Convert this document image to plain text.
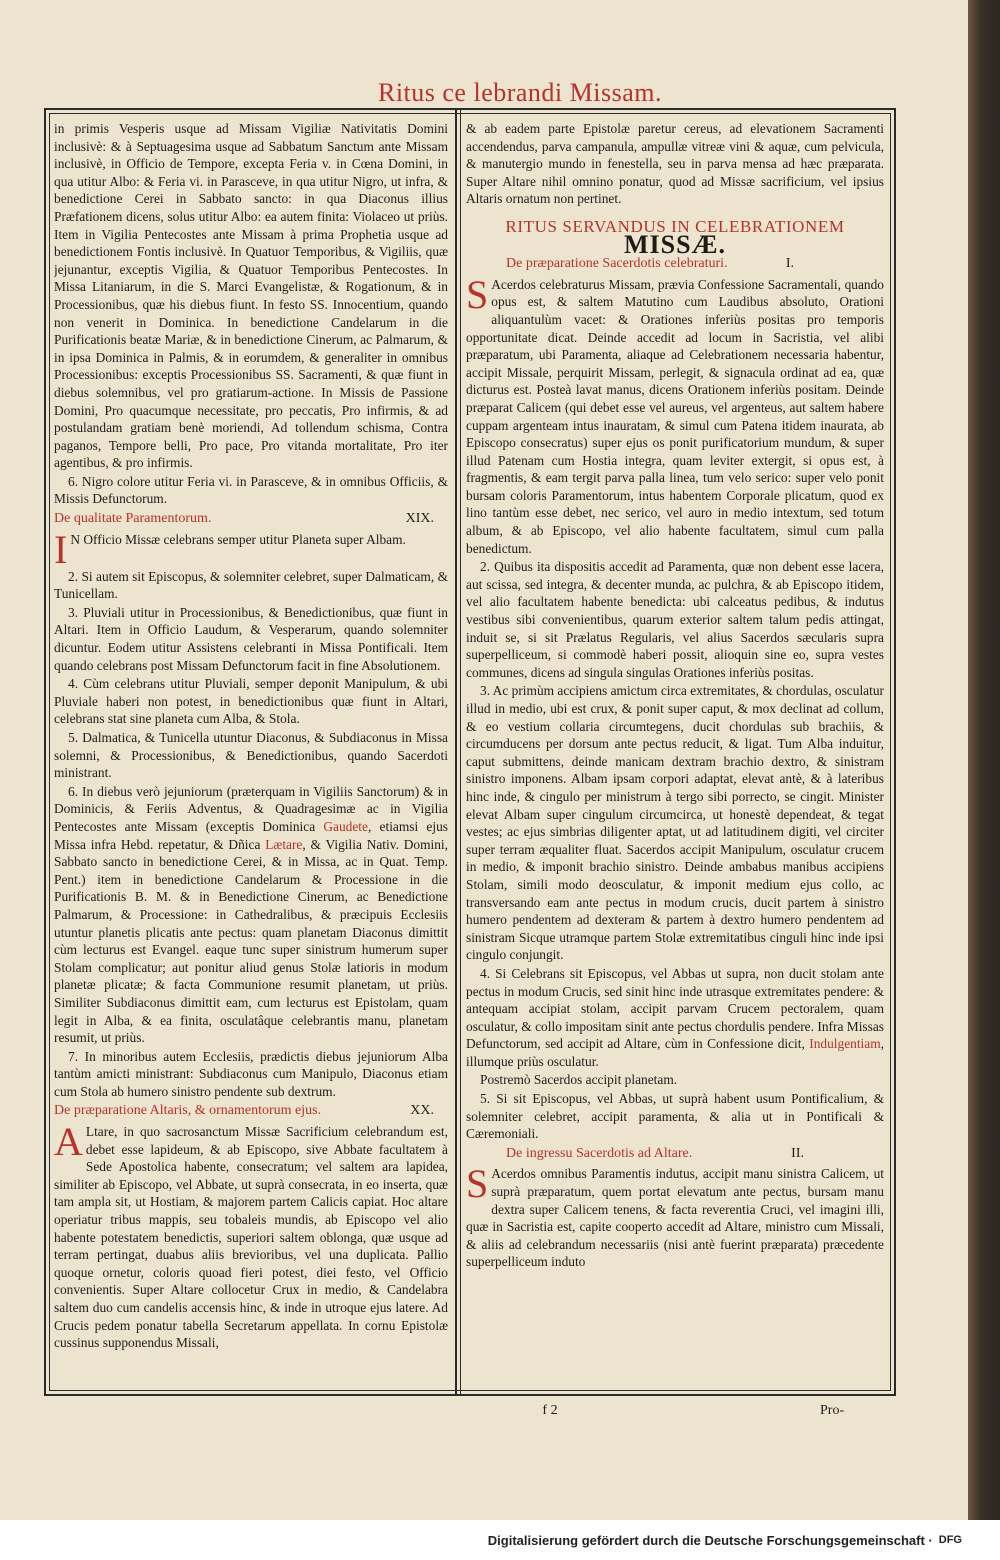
Ritus ce lebrandi Missam.

in primis Vesperis usque ad Missam Vigiliæ Nativitatis Domini inclusivè: & à Septuagesima usque ad Sabbatum Sanctum ante Missam inclusivè, in Officio de Tempore, excepta Feria v. in Cœna Domini, in qua utitur Albo: & Feria vi. in Parasceve, in qua utitur Nigro, ut infra, & benedictione Cerei in Sabbato sancto: in qua Diaconus illius Præfationem dicens, solus utitur Albo: ea autem finita: Violaceo ut priùs. Item in Vigilia Pentecostes ante Missam à prima Prophetia usque ad benedictionem Fontis inclusivè. In Quatuor Temporibus, & Vigiliis, quæ jejunantur, exceptis Vigilia, & Quatuor Temporibus Pentecostes. In Missa Litaniarum, in die S. Marci Evangelistæ, & Rogationum, & in Processionibus, quæ his diebus fiunt. In festo SS. Innocentium, quando non venerit in Dominica. In benedictione Candelarum in die Purificationis beatæ Mariæ, & in benedictione Cinerum, ac Palmarum, & in ipsa Dominica in Palmis, & in eorumdem, & generaliter in omnibus Processionibus: exceptis Processionibus SS. Sacramenti, & quæ fiunt in diebus solemnibus, vel pro gratiarum-actione. In Missis de Passione Domini, Pro quacumque necessitate, pro peccatis, Pro infirmis, & ad postulandam gratiam benè moriendi, Ad tollendum schisma, Contra paganos, Tempore belli, Pro pace, Pro vitanda mortalitate, Pro iter agentibus, & pro infirmis.

6. Nigro colore utitur Feria vi. in Parasceve, & in omnibus Officiis, & Missis Defunctorum.

De qualitate Paramentorum.	XIX.

I N Officio Missæ celebrans semper utitur Planeta super Albam.

2. Si autem sit Episcopus, & solemniter celebret, super Dalmaticam, & Tunicellam.

3. Pluviali utitur in Processionibus, & Benedictionibus, quæ fiunt in Altari. Item in Officio Laudum, & Vesperarum, quando solemniter dicuntur. Eodem utitur Assistens celebranti in Missa Pontificali. Item quando celebrans post Missam Defunctorum facit in fine Absolutionem.

4. Cùm celebrans utitur Pluviali, semper deponit Manipulum, & ubi Pluviale haberi non potest, in benedictionibus quæ fiunt in Altari, celebrans stat sine planeta cum Alba, & Stola.

5. Dalmatica, & Tunicella utuntur Diaconus, & Subdiaconus in Missa solemni, & Processionibus, & Benedictionibus, quando Sacerdoti ministrant.

6. In diebus verò jejuniorum (præterquam in Vigiliis Sanctorum) & in Dominicis, & Feriis Adventus, & Quadragesimæ ac in Vigilia Pentecostes ante Missam (exceptis Dominica Gaudete, etiamsi ejus Missa infra Hebd. repetatur, & Dñica Lætare, & Vigilia Nativ. Domini, Sabbato sancto in benedictione Cerei, & in Missa, ac in Quat. Temp. Pent.) item in benedictione Candelarum & Processione in die Purificationis B. M. & in Benedictione Cinerum, ac Benedictione Palmarum, & Processione: in Cathedralibus, & præcipuis Ecclesiis utuntur planetis plicatis ante pectus: quam planetam Diaconus dimittit cùm lecturus est Evangel. eaque tunc super sinistrum humerum super Stolam complicatur; aut ponitur aliud genus Stolæ latioris in modum planetæ plicatæ; & facta Communione resumit planetam, ut priùs. Similiter Subdiaconus dimittit eam, cum lecturus est Epistolam, quam legit in Alba, & ea finita, osculatâque celebrantis manu, planetam resumit, ut priùs.

7. In minoribus autem Ecclesiis, prædictis diebus jejuniorum Alba tantùm amicti ministrant: Subdiaconus cum Manipulo, Diaconus etiam cum Stola ab humero sinistro pendente sub dextrum.

De præparatione Altaris, & ornamentorum ejus.	XX.

A Ltare, in quo sacrosanctum Missæ Sacrificium celebrandum est, debet esse lapideum, & ab Episcopo, sive Abbate facultatem à Sede Apostolica habente, consecratum; vel saltem ara lapidea, similiter ab Episcopo, vel Abbate, ut suprà consecrata, in eo inserta, quæ tam ampla sit, ut Hostiam, & majorem partem Calicis capiat. Hoc altare operiatur tribus mappis, seu tobaleis mundis, ab Episcopo vel alio habente potestatem benedictis, superiori saltem oblonga, quæ usque ad terram pertingat, duabus aliis brevioribus, vel una duplicata. Pallio quoque ornetur, coloris quoad fieri potest, diei festo, vel Officio convenientis. Super Altare collocetur Crux in medio, & Candelabra saltem duo cum candelis accensis hinc, & inde in utroque ejus latere. Ad Crucis pedem ponatur tabella Secretarum appellata. In cornu Epistolæ cussinus supponendus Missali,

& ab eadem parte Epistolæ paretur cereus, ad elevationem Sacramenti accendendus, parva campanula, ampullæ vitreæ vini & aquæ, cum pelvicula, & manutergio mundo in fenestella, seu in parva mensa ad hæc præparata. Super Altare nihil omnino ponatur, quod ad Missæ sacrificium, vel ipsius Altaris ornatum non pertinet.

RITUS SERVANDUS IN CELEBRATIONEM
MISSÆ.
De præparatione Sacerdotis celebraturi.	I.

S Acerdos celebraturus Missam, prævia Confessione Sacramentali, quando opus est, & saltem Matutino cum Laudibus absoluto, Orationi aliquantulùm vacet: & Orationes inferiùs positas pro temporis opportunitate dicat. Deinde accedit ad locum in Sacristia, vel alibi præparatum, ubi Paramenta, aliaque ad Celebrationem necessaria habentur, accipit Missale, perquirit Missam, perlegit, & signacula ordinat ad ea, quæ dicturus est. Posteà lavat manus, dicens Orationem inferiùs positam. Deinde præparat Calicem (qui debet esse vel aureus, vel argenteus, aut saltem habere cuppam argenteam intus inauratam, & simul cum Patena itidem inaurata, ab Episcopo consecratus) super ejus os ponit purificatorium mundum, & super illud Patenam cum Hostia integra, quam leviter extergit, si opus est, à fragmentis, & eam tergit parva palla linea, tum velo serico: super velo ponit bursam coloris Paramentorum, intus habentem Corporale plicatum, quod ex lino tantùm esse debet, nec serico, vel auro in medio intextum, sed totum album, & ab Episcopo, vel alio habente facultatem, simul cum palla benedictum.

2. Quibus ita dispositis accedit ad Paramenta, quæ non debent esse lacera, aut scissa, sed integra, & decenter munda, ac pulchra, & ab Episcopo itidem, vel alio facultatem habente benedicta: ubi calceatus pedibus, & indutus vestibus sibi convenientibus, quarum exterior saltem talum pedis attingat, induit se, si sit Prælatus Regularis, vel alius Sacerdos sæcularis supra superpelliceum, si commodè haberi possit, alioquin sine eo, supra vestes communes, dicens ad singula singulas Orationes inferiùs positas.

3. Ac primùm accipiens amictum circa extremitates, & chordulas, osculatur illud in medio, ubi est crux, & ponit super caput, & mox declinat ad collum, & eo vestium collaria circumtegens, ducit chordulas sub brachiis, & circumducens per dorsum ante pectus reducit, & ligat. Tum Alba induitur, caput submittens, deinde manicam dextram brachio dextro, & sinistram sinistro imponens. Albam ipsam corpori adaptat, elevat antè, & à lateribus hinc inde, & cingulo per ministrum à tergo sibi porrecto, se cingit. Minister elevat Albam super cingulum circumcirca, ut honestè dependeat, & tegat vestes; ac ejus simbrias diligenter aptat, ut ad latitudinem digiti, vel circiter super terram æqualiter fluat. Sacerdos accipit Manipulum, osculatur crucem in medio, & imponit brachio sinistro. Deinde ambabus manibus accipiens Stolam, simili modo deosculatur, & imponit medium ejus collo, ac transversando eam ante pectus in modum crucis, ducit partem à sinistro humero pendentem ad dexteram & partem à dextro humero pendentem ad sinistram Sicque utramque partem Stolæ extremitatibus cinguli hinc inde ipsi cingulo conjungit.

4. Si Celebrans sit Episcopus, vel Abbas ut supra, non ducit stolam ante pectus in modum Crucis, sed sinit hinc inde utrasque extremitates pendere: & antequam accipiat stolam, accipit parvam Crucem pectoralem, quam osculatur, & collo impositam sinit ante pectus chordulis pendere. Infra Missas Defunctorum, sed accipit ad Altare, cùm in Confessione dicit, Indulgentiam, illumque priùs osculatur.

Postremò Sacerdos accipit planetam.

5. Si sit Episcopus, vel Abbas, ut suprà habent usum Pontificalium, & solemniter celebret, accipit paramenta, & alia ut in Pontificali & Cæremoniali.

De ingressu Sacerdotis ad Altare.	II.

S Acerdos omnibus Paramentis indutus, accipit manu sinistra Calicem, ut suprà præparatum, quem portat elevatum ante pectus, bursam manu dextra super Calicem tenens, & facta reverentia Cruci, vel imagini illi, quæ in Sacristia est, capite cooperto accedit ad Altare, ministro cum Missali, & aliis ad celebrandum necessariis (nisi antè fuerint præparata) præcedente superpelliceum induto

f 2	Pro-
Digitalisierung gefördert durch die Deutsche Forschungsgemeinschaft · DFG
